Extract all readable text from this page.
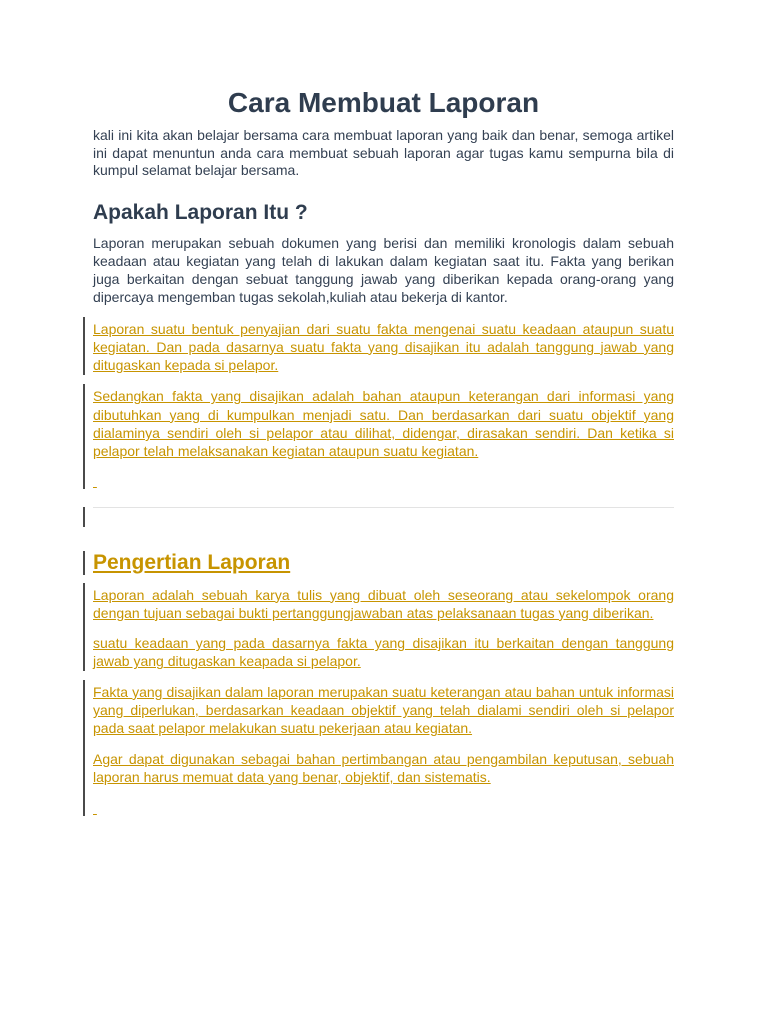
Cara Membuat Laporan

kali ini kita akan belajar bersama cara membuat laporan yang baik dan benar, semoga artikel ini dapat menuntun anda cara membuat sebuah laporan agar tugas kamu sempurna bila di kumpul selamat belajar bersama.

Apakah Laporan Itu ?

Laporan merupakan sebuah dokumen yang berisi dan memiliki kronologis dalam sebuah keadaan atau kegiatan yang telah di lakukan dalam kegiatan saat itu. Fakta yang berikan juga berkaitan dengan sebuat tanggung jawab yang diberikan kepada orang-orang yang dipercaya mengemban tugas sekolah,kuliah atau bekerja di kantor.

Laporan suatu bentuk penyajian dari suatu fakta mengenai suatu keadaan ataupun suatu kegiatan. Dan pada dasarnya suatu fakta yang disajikan itu adalah tanggung jawab yang ditugaskan kepada si pelapor.
Sedangkan fakta yang disajikan adalah bahan ataupun keterangan dari informasi yang dibutuhkan yang di kumpulkan menjadi satu. Dan berdasarkan dari suatu objektif yang dialaminya sendiri oleh si pelapor atau dilihat, didengar, dirasakan sendiri. Dan ketika si pelapor telah melaksanakan kegiatan ataupun suatu kegiatan.

Pengertian Laporan
Laporan adalah sebuah karya tulis yang dibuat oleh seseorang atau sekelompok orang dengan tujuan sebagai bukti pertanggungjawaban atas pelaksanaan tugas yang diberikan.
suatu keadaan yang pada dasarnya fakta yang disajikan itu berkaitan dengan tanggung jawab yang ditugaskan keapada si pelapor.
Fakta yang disajikan dalam laporan merupakan suatu keterangan atau bahan untuk informasi yang diperlukan, berdasarkan keadaan objektif yang telah dialami sendiri oleh si pelapor pada saat pelapor melakukan suatu pekerjaan atau kegiatan.
Agar dapat digunakan sebagai bahan pertimbangan atau pengambilan keputusan, sebuah laporan harus memuat data yang benar, objektif, dan sistematis.
